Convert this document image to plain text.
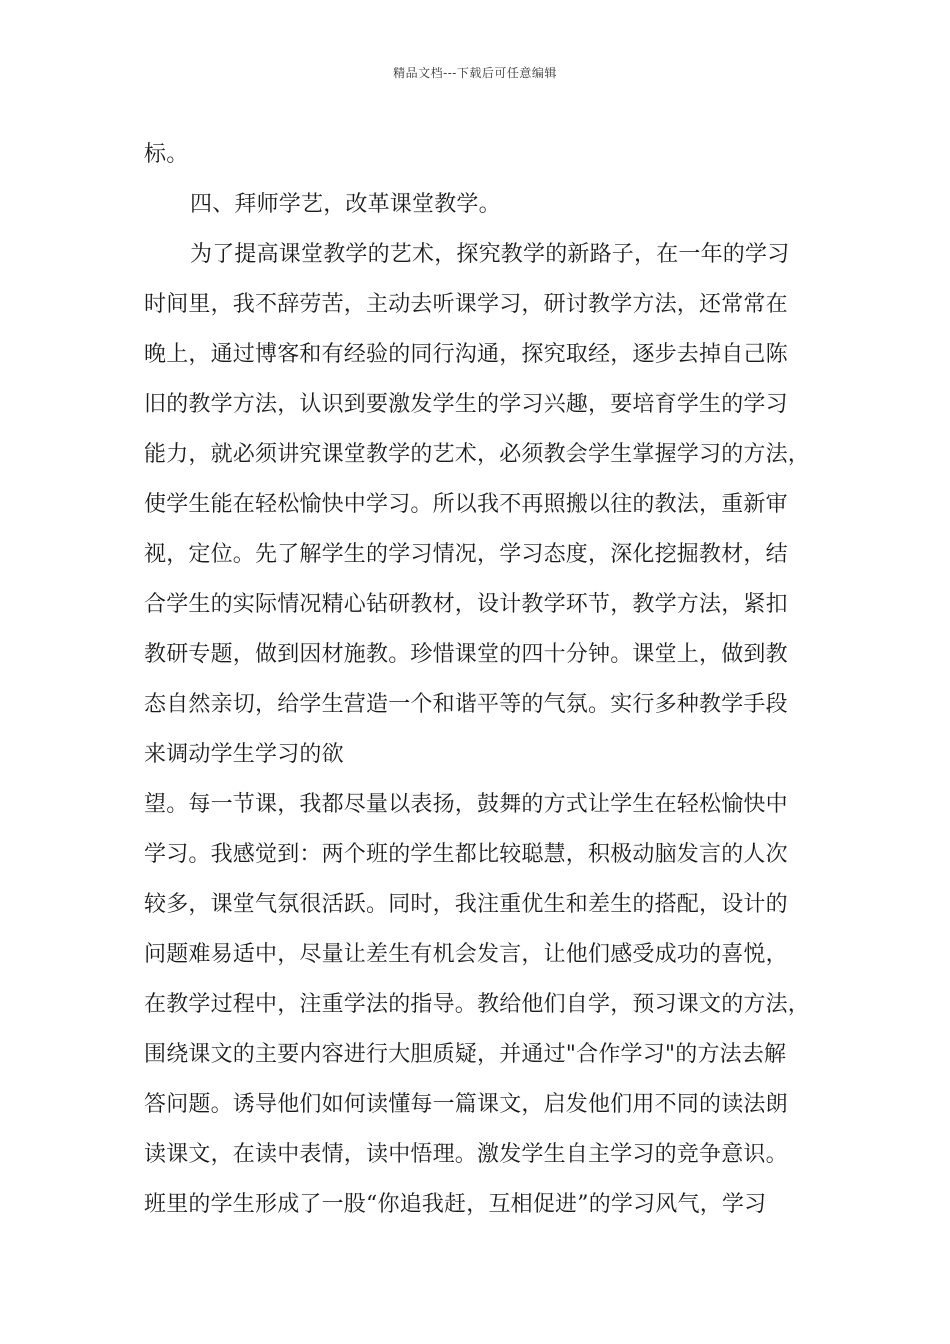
精品文档---下载后可任意编辑
标。
四、拜师学艺，改革课堂教学。
为了提高课堂教学的艺术，探究教学的新路子，在一年的学习
时间里，我不辞劳苦，主动去听课学习，研讨教学方法，还常常在
晚上，通过博客和有经验的同行沟通，探究取经，逐步去掉自己陈
旧的教学方法，认识到要激发学生的学习兴趣，要培育学生的学习
能力，就必须讲究课堂教学的艺术，必须教会学生掌握学习的方法，
使学生能在轻松愉快中学习。所以我不再照搬以往的教法，重新审
视，定位。先了解学生的学习情况，学习态度，深化挖掘教材，结
合学生的实际情况精心钻研教材，设计教学环节，教学方法，紧扣
教研专题，做到因材施教。珍惜课堂的四十分钟。课堂上，做到教
态自然亲切，给学生营造一个和谐平等的气氛。实行多种教学手段
来调动学生学习的欲
望。每一节课，我都尽量以表扬，鼓舞的方式让学生在轻松愉快中
学习。我感觉到：两个班的学生都比较聪慧，积极动脑发言的人次
较多，课堂气氛很活跃。同时，我注重优生和差生的搭配，设计的
问题难易适中，尽量让差生有机会发言，让他们感受成功的喜悦，
在教学过程中，注重学法的指导。教给他们自学，预习课文的方法，
围绕课文的主要内容进行大胆质疑，并通过"合作学习"的方法去解
答问题。诱导他们如何读懂每一篇课文，启发他们用不同的读法朗
读课文，在读中表情，读中悟理。激发学生自主学习的竞争意识。
班里的学生形成了一股“你追我赶，互相促进”的学习风气，学习
